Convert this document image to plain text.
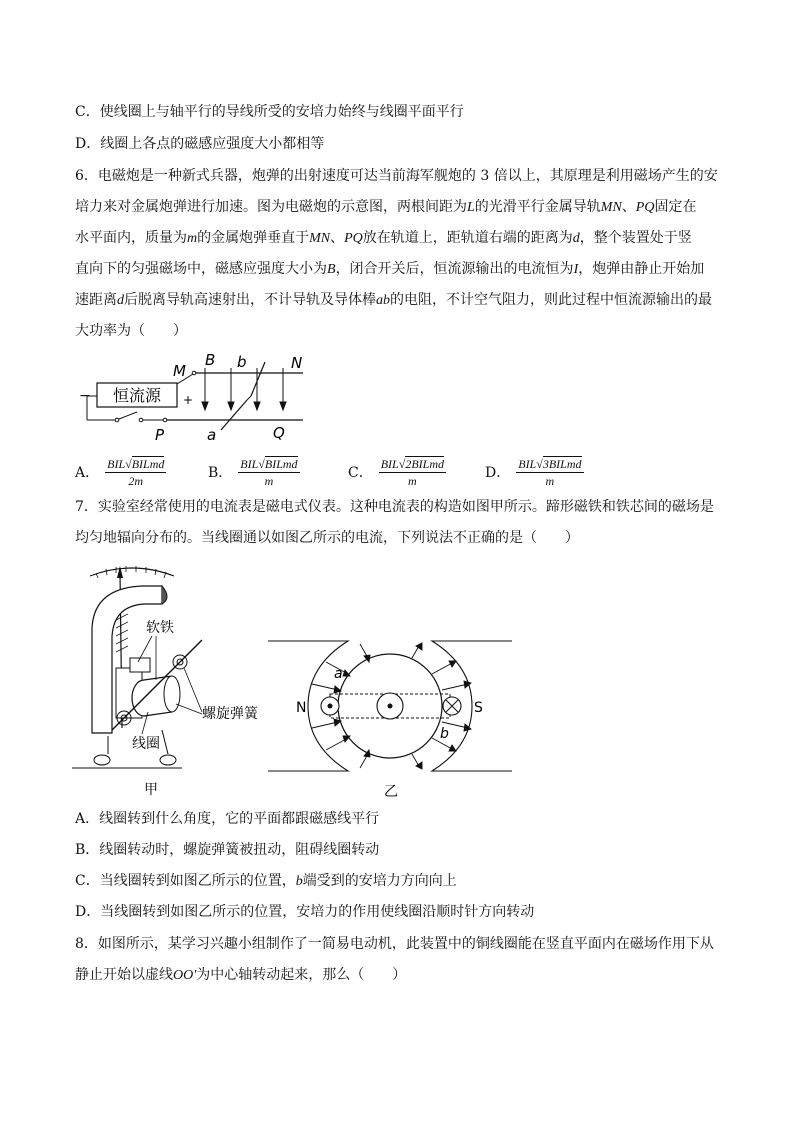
C．使线圈上与轴平行的导线所受的安培力始终与线圈平面平行
D．线圈上各点的磁感应强度大小都相等
6．电磁炮是一种新式兵器，炮弹的出射速度可达当前海军舰炮的 3 倍以上，其原理是利用磁场产生的安
培力来对金属炮弹进行加速。图为电磁炮的示意图，两根间距为L的光滑平行金属导轨MN、PQ固定在
水平面内，质量为m的金属炮弹垂直于MN、PQ放在轨道上，距轨道右端的距离为d，整个装置处于竖
直向下的匀强磁场中，磁感应强度大小为B，闭合开关后，恒流源输出的电流恒为I，炮弹由静止开始加
速距离d后脱离导轨高速射出，不计导轨及导体棒ab的电阻，不计空气阻力，则此过程中恒流源输出的最
大功率为（　　）
恒流源
−
M	N
+
P	Q
B b
a
A． $\frac{\text{BIL√BILmd}}{2m}$	B． $\frac{\text{BIL√BILmd}}{m}$	C． $\frac{\text{BIL√2BILmd}}{m}$	D． $\frac{\text{BIL√3BILmd}}{m}$
7．实验室经常使用的电流表是磁电式仪表。这种电流表的构造如图甲所示。蹄形磁铁和铁芯间的磁场是
均匀地辐向分布的。当线圈通以如图乙所示的电流，下列说法不正确的是（　　）
软铁
螺旋弹簧
线圈
甲
N	S
a
b
乙
A．线圈转到什么角度，它的平面都跟磁感线平行
B．线圈转动时，螺旋弹簧被扭动，阻碍线圈转动
C．当线圈转到如图乙所示的位置，b端受到的安培力方向向上
D．当线圈转到如图乙所示的位置，安培力的作用使线圈沿顺时针方向转动
8．如图所示，某学习兴趣小组制作了一简易电动机，此装置中的铜线圈能在竖直平面内在磁场作用下从
静止开始以虚线OO′为中心轴转动起来，那么（　　）
